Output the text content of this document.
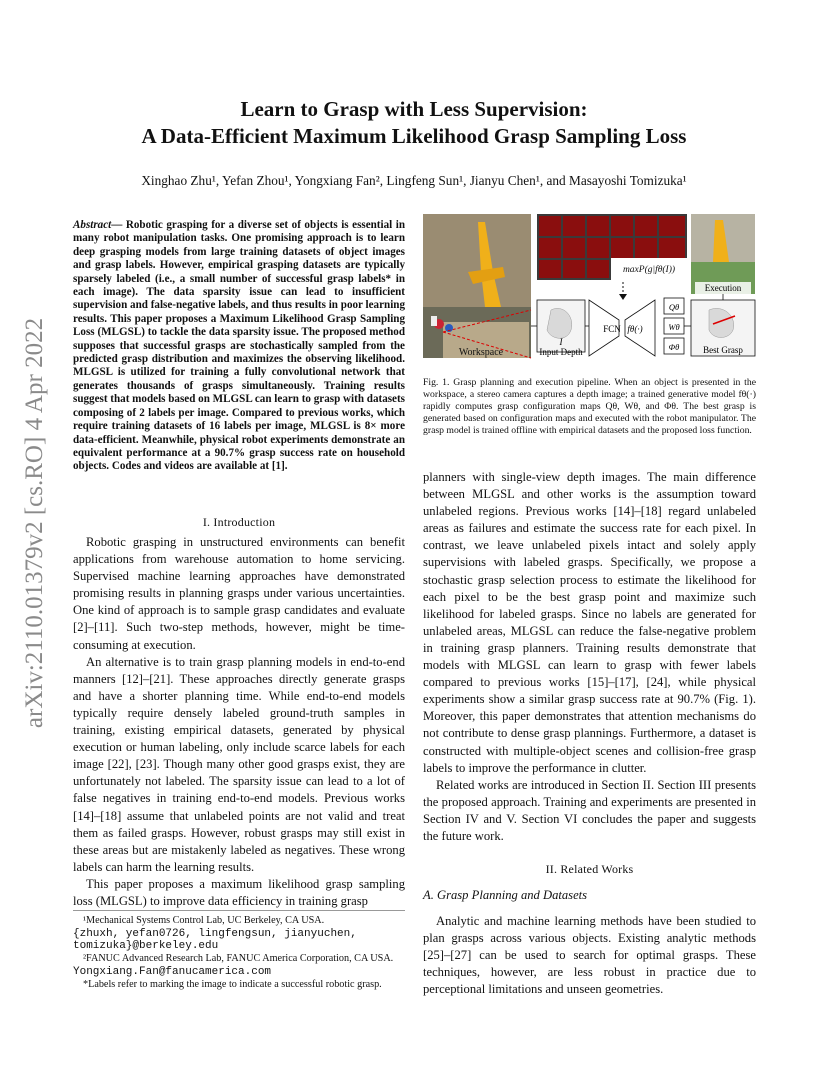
arXiv:2110.01379v2 [cs.RO] 4 Apr 2022
Learn to Grasp with Less Supervision:
A Data-Efficient Maximum Likelihood Grasp Sampling Loss
Xinghao Zhu¹, Yefan Zhou¹, Yongxiang Fan², Lingfeng Sun¹, Jianyu Chen¹, and Masayoshi Tomizuka¹
Abstract— Robotic grasping for a diverse set of objects is essential in many robot manipulation tasks. One promising approach is to learn deep grasping models from large training datasets of object images and grasp labels. However, empirical grasping datasets are typically sparsely labeled (i.e., a small number of successful grasp labels* in each image). The data sparsity issue can lead to insufficient supervision and false-negative labels, and thus results in poor learning results. This paper proposes a Maximum Likelihood Grasp Sampling Loss (MLGSL) to tackle the data sparsity issue. The proposed method supposes that successful grasps are stochastically sampled from the predicted grasp distribution and maximizes the observing likelihood. MLGSL is utilized for training a fully convolutional network that generates thousands of grasps simultaneously. Training results suggest that models based on MLGSL can learn to grasp with datasets composing of 2 labels per image. Compared to previous works, which require training datasets of 16 labels per image, MLGSL is 8× more data-efficient. Meanwhile, physical robot experiments demonstrate an equivalent performance at a 90.7% grasp success rate on household objects. Codes and videos are available at [1].
I. Introduction

Robotic grasping in unstructured environments can benefit applications from warehouse automation to home servicing. Supervised machine learning approaches have demonstrated promising results in planning grasps under various uncertainties. One kind of approach is to sample grasp candidates and evaluate [2]–[11]. Such two-step methods, however, might be time-consuming at execution.

An alternative is to train grasp planning models in end-to-end manners [12]–[21]. These approaches directly generate grasps and have a shorter planning time. While end-to-end models typically require densely labeled ground-truth samples in training, existing empirical datasets, generated by physical execution or human labeling, only include scarce labels for each image [22], [23]. Though many other good grasps exist, they are unfortunately not labeled. The sparsity issue can lead to a lot of false negatives in training end-to-end models. Previous works [14]–[18] assume that unlabeled points are not valid and treat them as failed grasps. However, robust grasps may still exist in these areas but are mistakenly labeled as negatives. These wrong labels can harm the learning results.

This paper proposes a maximum likelihood grasp sampling loss (MLGSL) to improve data efficiency in training grasp

¹Mechanical Systems Control Lab, UC Berkeley, CA USA.
{zhuxh, yefan0726, lingfengsun, jianyuchen,
tomizuka}@berkeley.edu
²FANUC Advanced Research Lab, FANUC America Corporation, CA USA.
Yongxiang.Fan@fanucamerica.com
*Labels refer to marking the image to indicate a successful robotic grasp.
Workspace
maxP(g|fθ(I))
I
Input Depth
FCN fθ(·)
Qθ
Wθ
Φθ
Execution
Best Grasp
Fig. 1. Grasp planning and execution pipeline. When an object is presented in the workspace, a stereo camera captures a depth image; a trained generative model fθ(·) rapidly computes grasp configuration maps Qθ, Wθ, and Φθ. The best grasp is generated based on configuration maps and executed with the robot manipulator. The grasp model is trained offline with empirical datasets and the proposed loss function.

planners with single-view depth images. The main difference between MLGSL and other works is the assumption toward unlabeled regions. Previous works [14]–[18] regard unlabeled areas as failures and estimate the success rate for each pixel. In contrast, we leave unlabeled pixels intact and solely apply supervisions with labeled grasps. Specifically, we propose a stochastic grasp selection process to estimate the likelihood for each pixel to be the best grasp point and maximize such likelihood for labeled grasps. Since no labels are generated for unlabeled areas, MLGSL can reduce the false-negative problem in training grasp planners. Training results demonstrate that models with MLGSL can learn to grasp with fewer labels compared to previous works [15]–[17], [24], while physical experiments show a similar grasp success rate at 90.7% (Fig. 1). Moreover, this paper demonstrates that attention mechanisms do not contribute to dense grasp plannings. Furthermore, a dataset is constructed with multiple-object scenes and collision-free grasp labels to improve the performance in clutter.

Related works are introduced in Section II. Section III presents the proposed approach. Training and experiments are presented in Section IV and V. Section VI concludes the paper and suggests the future work.

II. Related Works
A. Grasp Planning and Datasets

Analytic and machine learning methods have been studied to plan grasps across various objects. Existing analytic methods [25]–[27] can be used to search for optimal grasps. These techniques, however, are less robust in practice due to perceptional limitations and unseen geometries.
